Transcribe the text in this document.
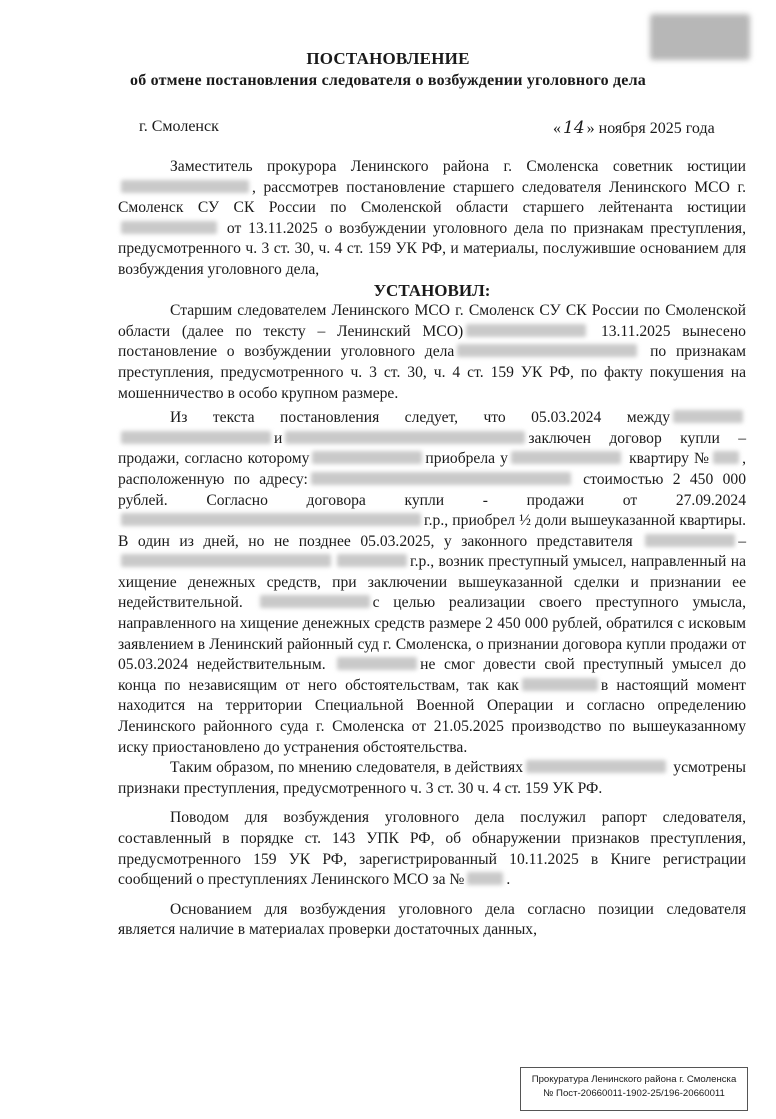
ПОСТАНОВЛЕНИЕ
об отмене постановления следователя о возбуждении уголовного дела
г. Смоленск	« 14 » ноября 2025 года

Заместитель прокурора Ленинского района г. Смоленска советник юстиции, рассмотрев постановление старшего следователя Ленинского МСО г. Смоленск СУ СК России по Смоленской области старшего лейтенанта юстиции от 13.11.2025 о возбуждении уголовного дела по признакам преступления, предусмотренного ч. 3 ст. 30, ч. 4 ст. 159 УК РФ, и материалы, послужившие основанием для возбуждения уголовного дела,

УСТАНОВИЛ:

Старшим следователем Ленинского МСО г. Смоленск СУ СК России по Смоленской области (далее по тексту – Ленинский МСО)	13.11.2025 вынесено постановление о возбуждении уголовного дела	по признакам преступления, предусмотренного ч. 3 ст. 30, ч. 4 ст. 159 УК РФ, по факту покушения на мошенничество в особо крупном размере.

Из текста постановления следует, что 05.03.2024 междуи	заключен договор купли – продажи, согласно которому	приобрела у	квартиру № , расположенную по адресу:	стоимостью 2 450 000 рублей. Согласно договора купли - продажи от 27.09.2024 г.р., приобрел ½ доли вышеуказанной квартиры. В один из дней, но не позднее 05.03.2025, у законного представителя	–г.р., возник преступный умысел, направленный на хищение денежных средств, при заключении вышеуказанной сделки и признании ее недействительной.	с целью реализации своего преступного умысла, направленного на хищение денежных средств размере 2 450 000 рублей, обратился с исковым заявлением в Ленинский районный суд г. Смоленска, о признании договора купли продажи от 05.03.2024 недействительным.	не смог довести свой преступный умысел до конца по независящим от него обстоятельствам, так как	в настоящий момент находится на территории Специальной Военной Операции и согласно определению Ленинского районного суда г. Смоленска от 21.05.2025 производство по вышеуказанному иску приостановлено до устранения обстоятельства.

Таким образом, по мнению следователя, в действиях	усмотрены признаки преступления, предусмотренного ч. 3 ст. 30 ч. 4 ст. 159 УК РФ.

Поводом для возбуждения уголовного дела послужил рапорт следователя, составленный в порядке ст. 143 УПК РФ, об обнаружении признаков преступления, предусмотренного 159 УК РФ, зарегистрированный 10.11.2025 в Книге регистрации сообщений о преступлениях Ленинского МСО за №	.

Основанием для возбуждения уголовного дела согласно позиции следователя является наличие в материалах проверки достаточных данных,

Прокуратура Ленинского района г. Смоленска
№ Пост-20660011-1902-25/196-20660011
